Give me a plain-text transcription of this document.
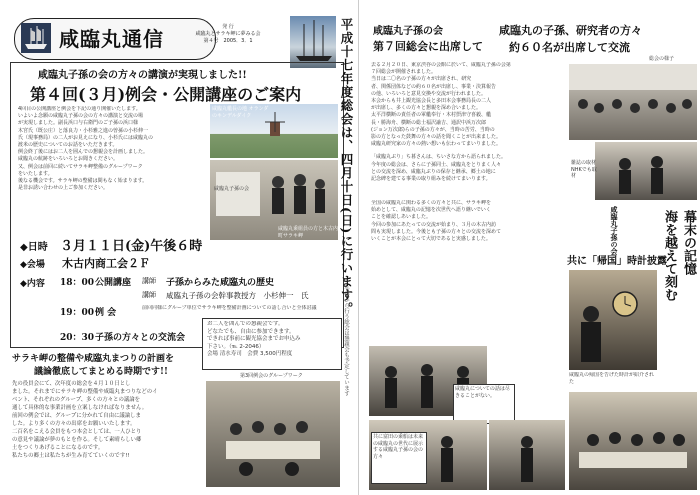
咸臨丸通信	発 行
咸臨丸とサラキ岬に夢みる会
第４号　2005．3．1
咸臨丸子孫の会の方々の講演が実現しました!!
第４回(３月)例会・公開講座のご案内
4回目の公開講座と例会を下記の通り開催いたします。
いよいよ念願の咸臨丸子孫の会の方々の講演と交流の場
が実現しました。副長浜口与右衛門のご子孫の浜口様
木宮氏（既公庄）と落良力・小杉雅之進の曽孫の小杉伸一
氏（現事務局）の二人がお見えになり、小杉氏には咸臨丸の
渡米の歴史についてのお話をいただきます。
例会終了後にはお二人を囲んでの懇親会を計画しました。
咸臨丸の航跡をいろいろとお聞きください。
又、例会は前回に続いてサラキ岬整備のグループワーク
をいたします。
後なる機会です。サラキ岬の整備は間もなく始まります。
是非お誘い合わせの上ご参加ください。
咸臨丸艦長の地 オランダのキンデルダイク
咸臨丸子孫の会
咸臨丸乗組員の方と木古内町サラキ岬
◆日時 ３月１１日(金)午後６時
◆会場 木古内商工会２Ｆ
◆内容 18：00 公開講座 講師 子孫からみた咸臨丸の歴史
講師 咸臨丸子孫の会幹事教授方　小杉伸一　氏
19：00 例 会	前回同様にグループ単位でサラキ岬を整備計画についての話し合いと全体討議
20：30 子孫の方々との交流会
お二人を囲んでの懇親会です。
どなたでも、自由に参加できます。
できれば事前に観光協会までお申込み
下さい。（℡ 2-2046）
会場 清水寿司　会費 3,500円程度
サラキ岬の整備や咸臨丸まつりの計画を
議論徹底してまとめる時期です!!
先の役員会にて、次年度の総会を４月１０日とし
ました。それまでにサラキ岬の整備や咸臨丸まつりなどのイ
ベント、それぞれのグループ、多くの方々との議論を
通して具体的な事業計画を立案しなければなりません。
前回の例会では、グループに分かれて自由に議論しま
した。より多くの方々の出席をお願いいたします。
二百名をこえる会員をもつ本会としては、一人ひとり
の意見や議論が夢のもとを作る。そして素晴らしい郷
土をつくりあげることになるのです。
私たちの郷土は私たちが生み育てていくのです!!
第3回例会のグループワーク
平成十七年度総会は、四月十日(日)に行います。
午後から行う総会は懇親会も予定しています
咸臨丸子孫の会
第７回総会に出席して
咸臨丸の子孫、研究者の方々
約６０名が出席して交流
去る２月２０日、東京渋谷の会館に於いて、咸臨丸子孫の会第
７回総会が開催されました。
当日は二〇名の子孫の方々が出席され、研究
者、関係団体などの約６０名が出席し、事業・決算報告
の他、いろいろと意見交換や交流が行われました。
本会からも井上観光協会長と多田本会事務局長の二人
が出席し、多くの方々と懇親を深め合いました。
太平洋横断の責任者の軍艦奉行・木村摂津守喜毅、艦
長・勝海舟、横断の総士福沢諭吉、通訳中浜万次郎
(ジョン万次郎)らの子孫の方々が、当時の苦労、当時の
影の方となった鼓舞の方々の話を聞くことが出来ました。
咸臨丸研究家の方々の熱い想いも伝わってまいりました。
「咸臨丸ぶり」ち暮さんは、ちいさな方から語られました。
今年度の総会は、さらに子孫同士、咸臨丸をとりまく人々
との交流を深め、咸臨丸ぶりの保存と継承、郷土の地に
記念碑を建てる事業の取り組みを続けてまいります。
全国の咸臨丸に関わる多くの方々と共に、サラキ岬を
始めとして、咸臨丸の記憶を次世代へ語り継いでいく
ことを確認しあいました。
今回の参加にあたっての交流が始まり、３月の木古内訪
問も実現しました。今後とも子孫の方々との交流を深めて
いくことが本会にとって大切であると実感しました。
総会の様子
雑誌の取材 NHKでも取材
咸臨丸子孫の会	幕末の記憶
海を越えて刻む
共に「帰国」時計披露
咸臨丸の帰国を告げた時計が紹介された
咸臨丸についての話は尽きることがない。
共に富田の乗船は未来の咸臨丸の世代に展示する咸臨丸子孫の会の方々
